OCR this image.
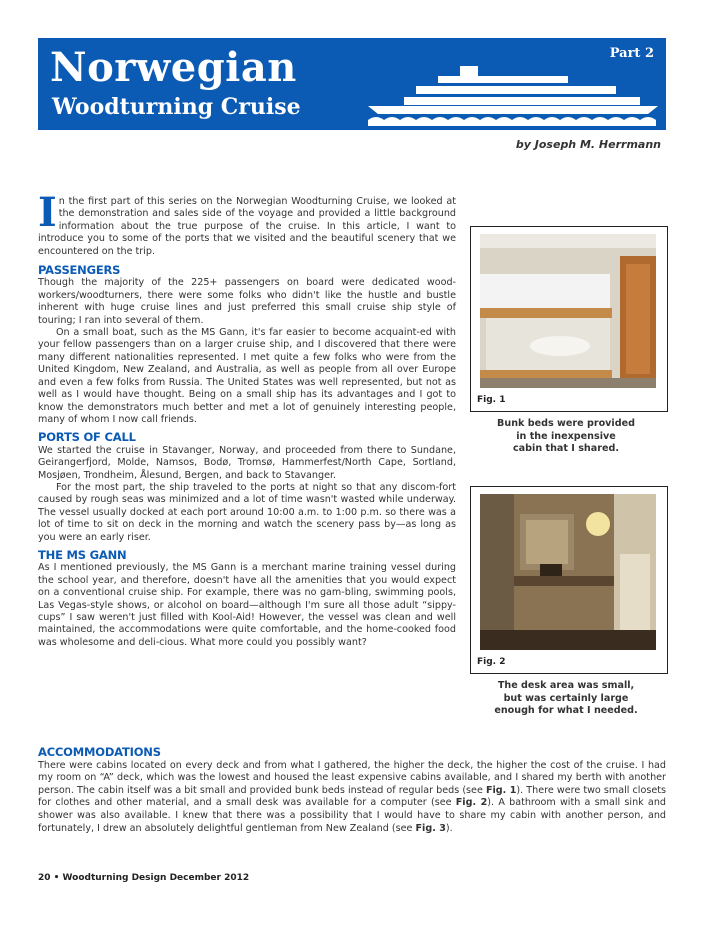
Norwegian
Woodturning Cruise
Part 2
by Joseph M. Herrmann

In the first part of this series on the Norwegian Woodturning Cruise, we looked at the demonstration and sales side of the voyage and provided a little background information about the true purpose of the cruise. In this article, I want to introduce you to some of the ports that we visited and the beautiful scenery that we encountered on the trip.

PASSENGERS

Though the majority of the 225+ passengers on board were dedicated wood-workers/woodturners, there were some folks who didn't like the hustle and bustle inherent with huge cruise lines and just preferred this small cruise ship style of touring; I ran into several of them.

On a small boat, such as the MS Gann, it's far easier to become acquaint-ed with your fellow passengers than on a larger cruise ship, and I discovered that there were many different nationalities represented. I met quite a few folks who were from the United Kingdom, New Zealand, and Australia, as well as people from all over Europe and even a few folks from Russia. The United States was well represented, but not as well as I would have thought. Being on a small ship has its advantages and I got to know the demonstrators much better and met a lot of genuinely interesting people, many of whom I now call friends.

PORTS OF CALL

We started the cruise in Stavanger, Norway, and proceeded from there to Sundane, Geirangerfjord, Molde, Namsos, Bodø, Tromsø, Hammerfest/North Cape, Sortland, Mosjøen, Trondheim, Ålesund, Bergen, and back to Stavanger.

For the most part, the ship traveled to the ports at night so that any discom-fort caused by rough seas was minimized and a lot of time wasn't wasted while underway. The vessel usually docked at each port around 10:00 a.m. to 1:00 p.m. so there was a lot of time to sit on deck in the morning and watch the scenery pass by—as long as you were an early riser.

THE MS GANN

As I mentioned previously, the MS Gann is a merchant marine training vessel during the school year, and therefore, doesn't have all the amenities that you would expect on a conventional cruise ship. For example, there was no gam-bling, swimming pools, Las Vegas-style shows, or alcohol on board—although I'm sure all those adult “sippy-cups” I saw weren't just filled with Kool-Aid! However, the vessel was clean and well maintained, the accommodations were quite comfortable, and the home-cooked food was wholesome and deli-cious. What more could you possibly want?

ACCOMMODATIONS

There were cabins located on every deck and from what I gathered, the higher the deck, the higher the cost of the cruise. I had my room on “A” deck, which was the lowest and housed the least expensive cabins available, and I shared my berth with another person. The cabin itself was a bit small and provided bunk beds instead of regular beds (see Fig. 1). There were two small closets for clothes and other material, and a small desk was available for a computer (see Fig. 2). A bathroom with a small sink and shower was also available. I knew that there was a possibility that I would have to share my cabin with another person, and fortunately, I drew an absolutely delightful gentleman from New Zealand (see Fig. 3).

Fig. 1
Bunk beds were provided
in the inexpensive
cabin that I shared.
Fig. 2
The desk area was small,
but was certainly large
enough for what I needed.
20 • Woodturning Design December 2012
